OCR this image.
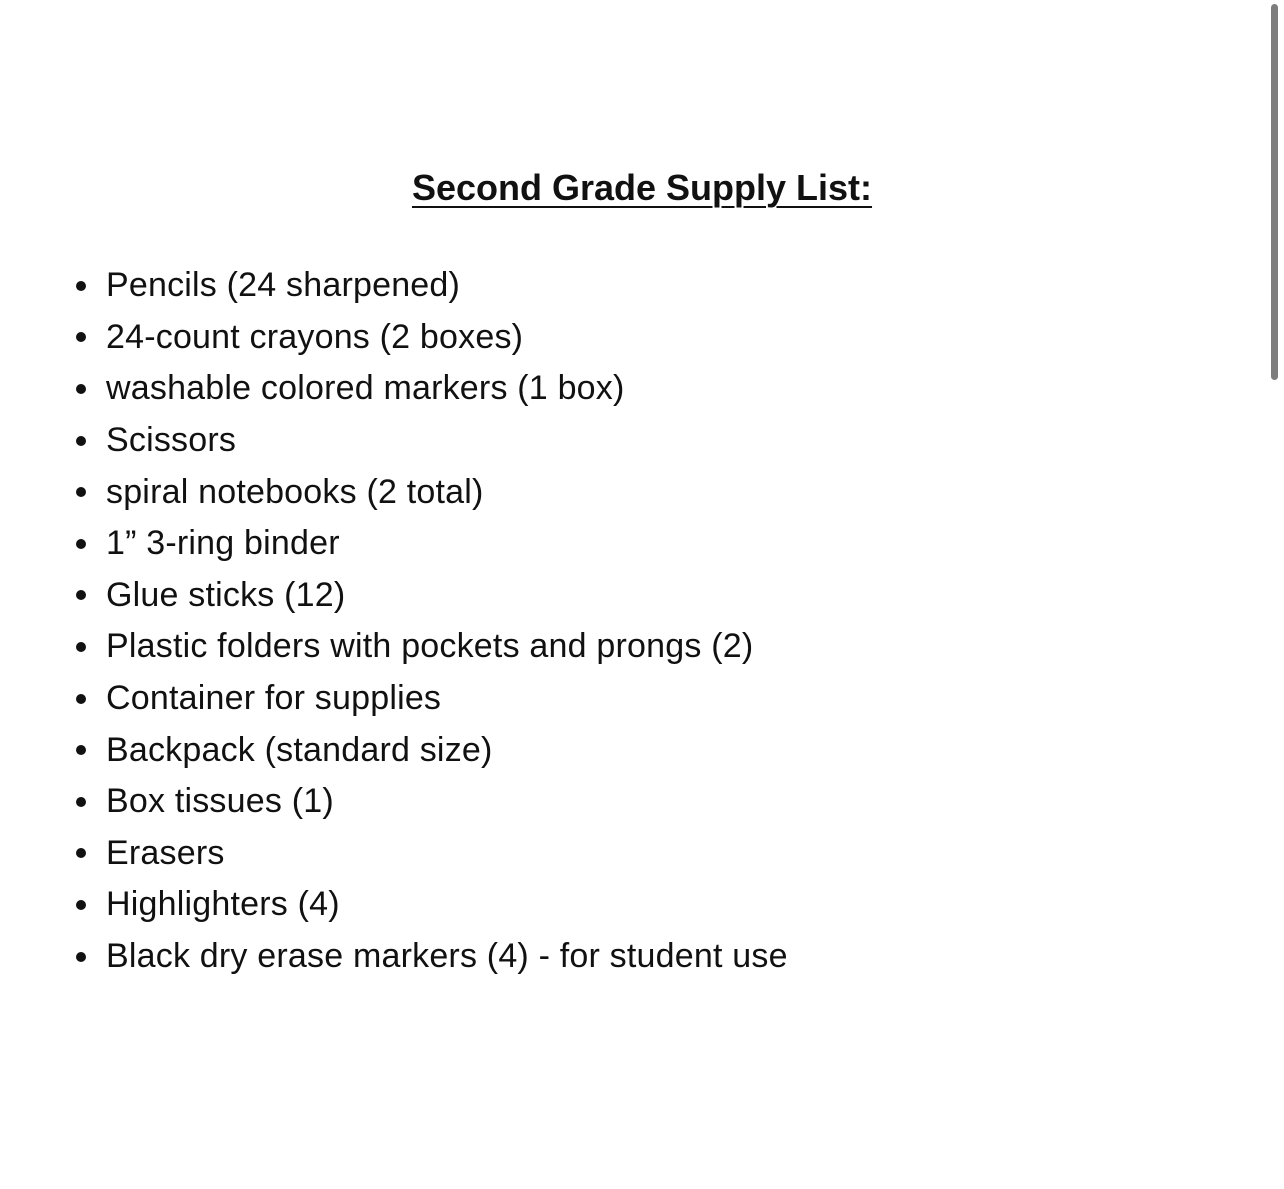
Second Grade Supply List:
Pencils (24 sharpened)
24-count crayons (2 boxes)
washable colored markers (1 box)
Scissors
spiral notebooks (2 total)
1” 3-ring binder
Glue sticks (12)
Plastic folders with pockets and prongs (2)
Container for supplies
Backpack (standard size)
Box tissues (1)
Erasers
Highlighters (4)
Black dry erase markers (4) - for student use
